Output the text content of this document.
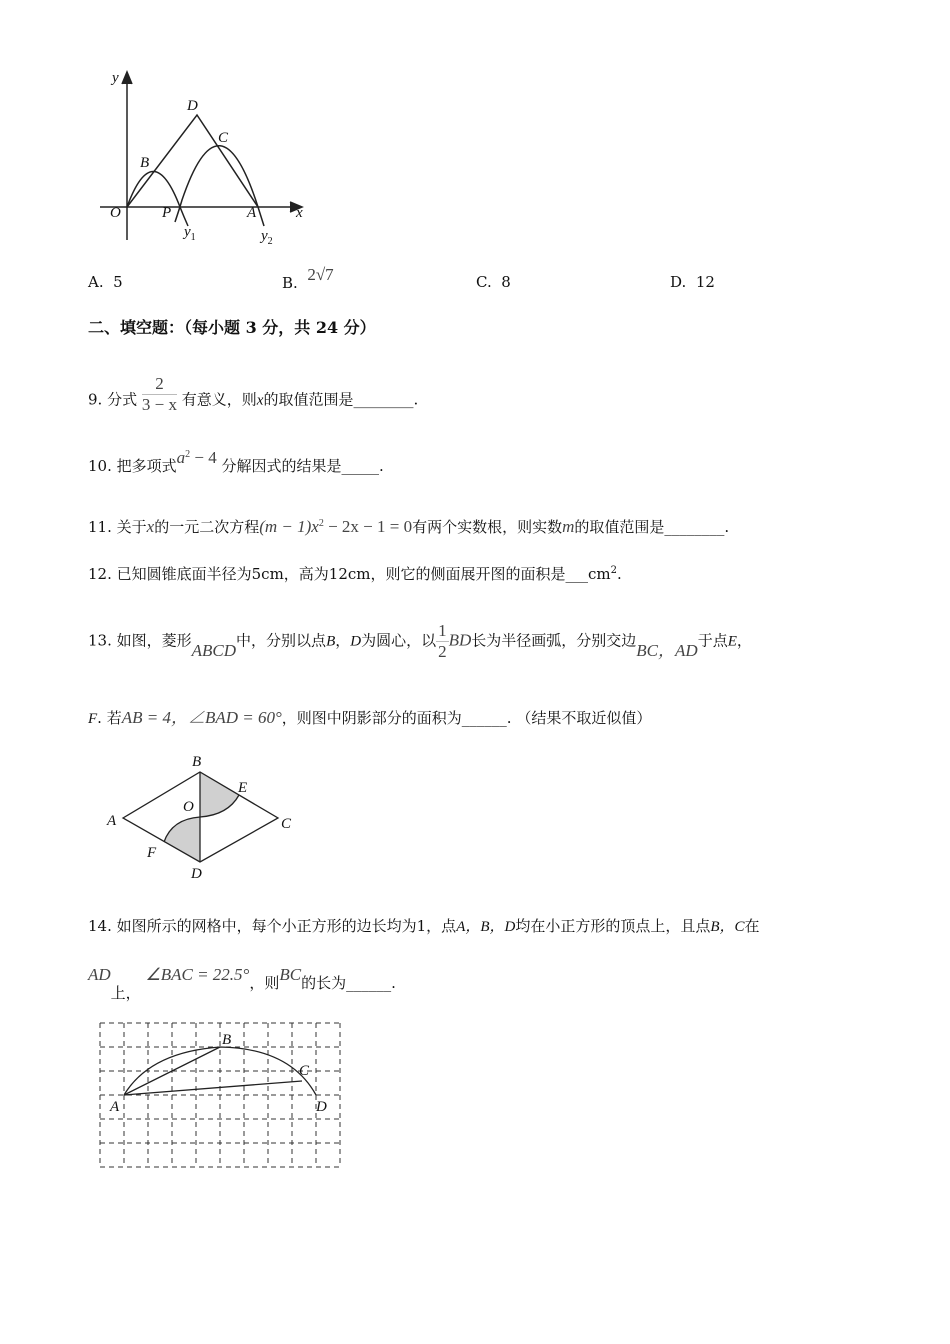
y
x
O	P	A
B
C
D
$y_1$	$y_2$
A
B
C
D
O
E
F
A
B
C
D
A. 5	B. 2√7	C. 8	D. 12
二、填空题：（每小题 3 分，共 24 分）
9. 分式 $\frac{2}{3 - x}$ 有意义，则x的取值范围是________.
10. 把多项式$a^2 - 4$ 分解因式的结果是_____.
11. 关于x的一元二次方程$(m - 1)x^2 - 2x - 1 = 0$有两个实数根，则实数m的取值范围是________.
12. 已知圆锥底面半径为5cm，高为12cm，则它的侧面展开图的面积是$\_\_\_cm^2$.
13. 如图，菱形ABCD中，分别以点B，D为圆心，以 $\frac{1}{2}$ BD长为半径画弧，分别交边BC，AD于点E，
F. 若AB = 4，∠BAD = 60°，则图中阴影部分的面积为______. （结果不取近似值）
14. 如图所示的网格中，每个小正方形的边长均为1，点A，B，D均在小正方形的顶点上，且点B，C在
AD上， ∠BAC = 22.5°，则BC的长为______.
